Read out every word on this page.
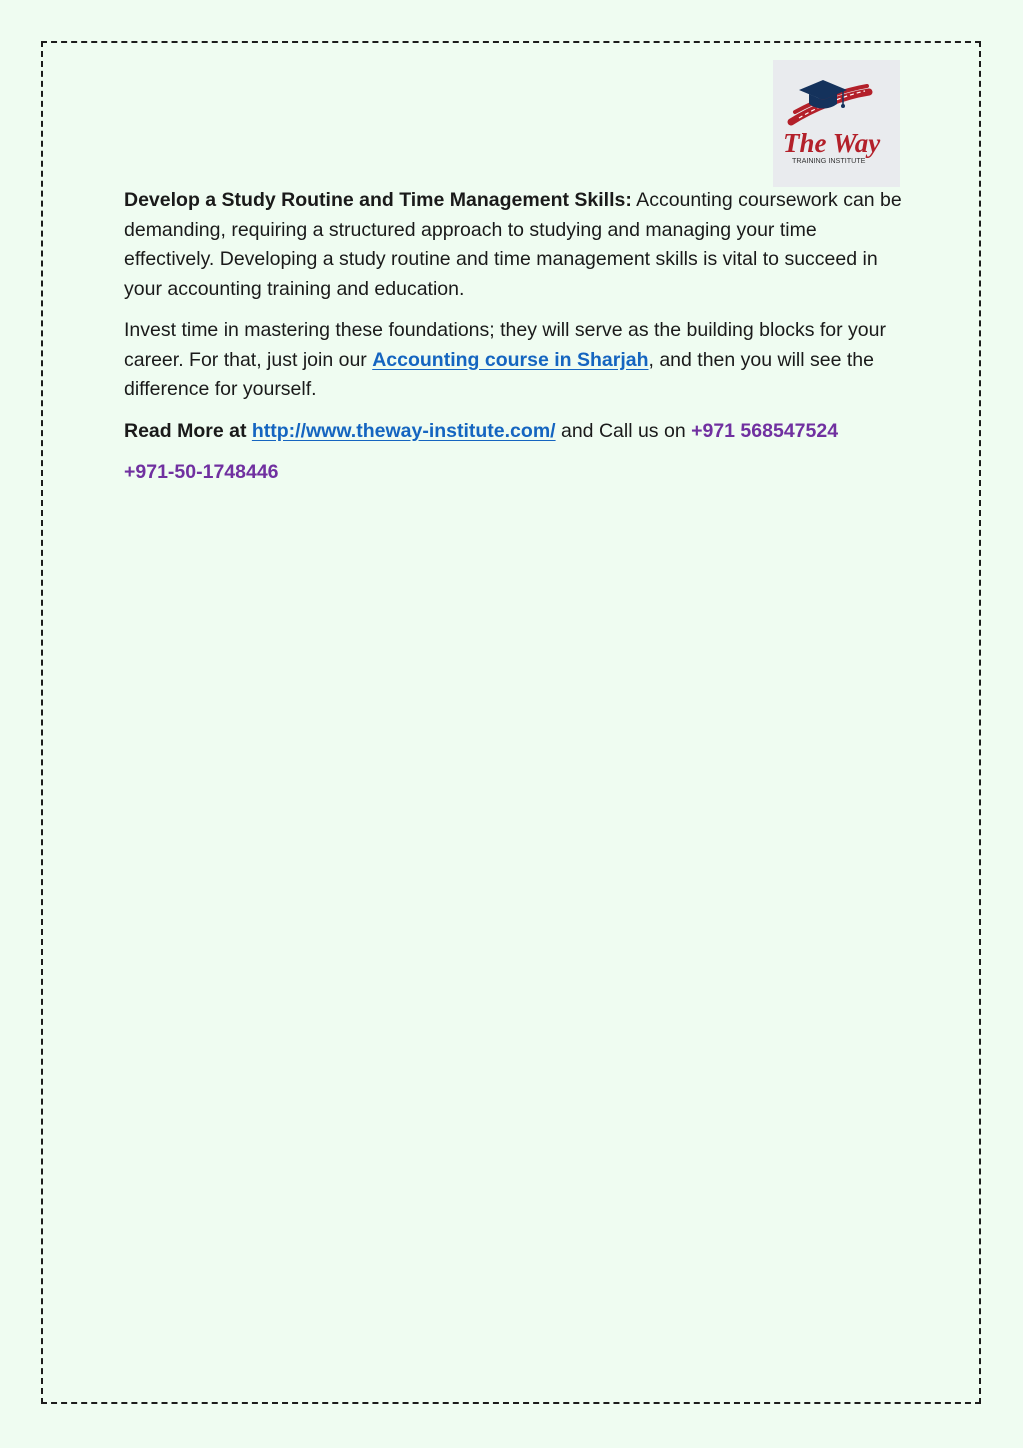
The Way
TRAINING INSTITUTE

Develop a Study Routine and Time Management Skills: Accounting coursework can be demanding, requiring a structured approach to studying and managing your time effectively. Developing a study routine and time management skills is vital to succeed in your accounting training and education.

Invest time in mastering these foundations; they will serve as the building blocks for your career. For that, just join our Accounting course in Sharjah, and then you will see the difference for yourself.

Read More at http://www.theway-institute.com/ and Call us on +971 568547524

+971-50-1748446
